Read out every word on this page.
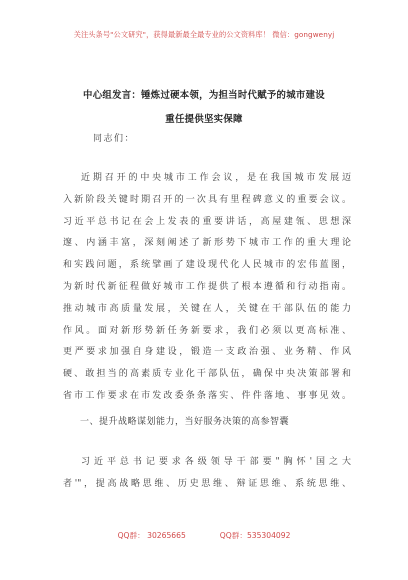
关注头条号"公文研究"，获得最新最全最专业的公文资料库！ 微信：gongwenyj
中心组发言：锤炼过硬本领，为担当时代赋予的城市建设
重任提供坚实保障
同志们：
近期召开的中央城市工作会议，是在我国城市发展迈
入新阶段关键时期召开的一次具有里程碑意义的重要会议。
习近平总书记在会上发表的重要讲话，高屋建瓴、思想深
邃、内涵丰富，深刻阐述了新形势下城市工作的重大理论
和实践问题，系统擘画了建设现代化人民城市的宏伟蓝图，
为新时代新征程做好城市工作提供了根本遵循和行动指南。
推动城市高质量发展，关键在人，关键在干部队伍的能力
作风。面对新形势新任务新要求，我们必须以更高标准、
更严要求加强自身建设，锻造一支政治强、业务精、作风
硬、敢担当的高素质专业化干部队伍，确保中央决策部署和
省市工作要求在市发改委条条落实、件件落地、事事见效。
一、提升战略谋划能力，当好服务决策的高参智囊
习近平总书记要求各级领导干部要"胸怀'国之大
者'"，提高战略思维、历史思维、辩证思维、系统思维、
QQ群： 30265665	QQ群：535304092
